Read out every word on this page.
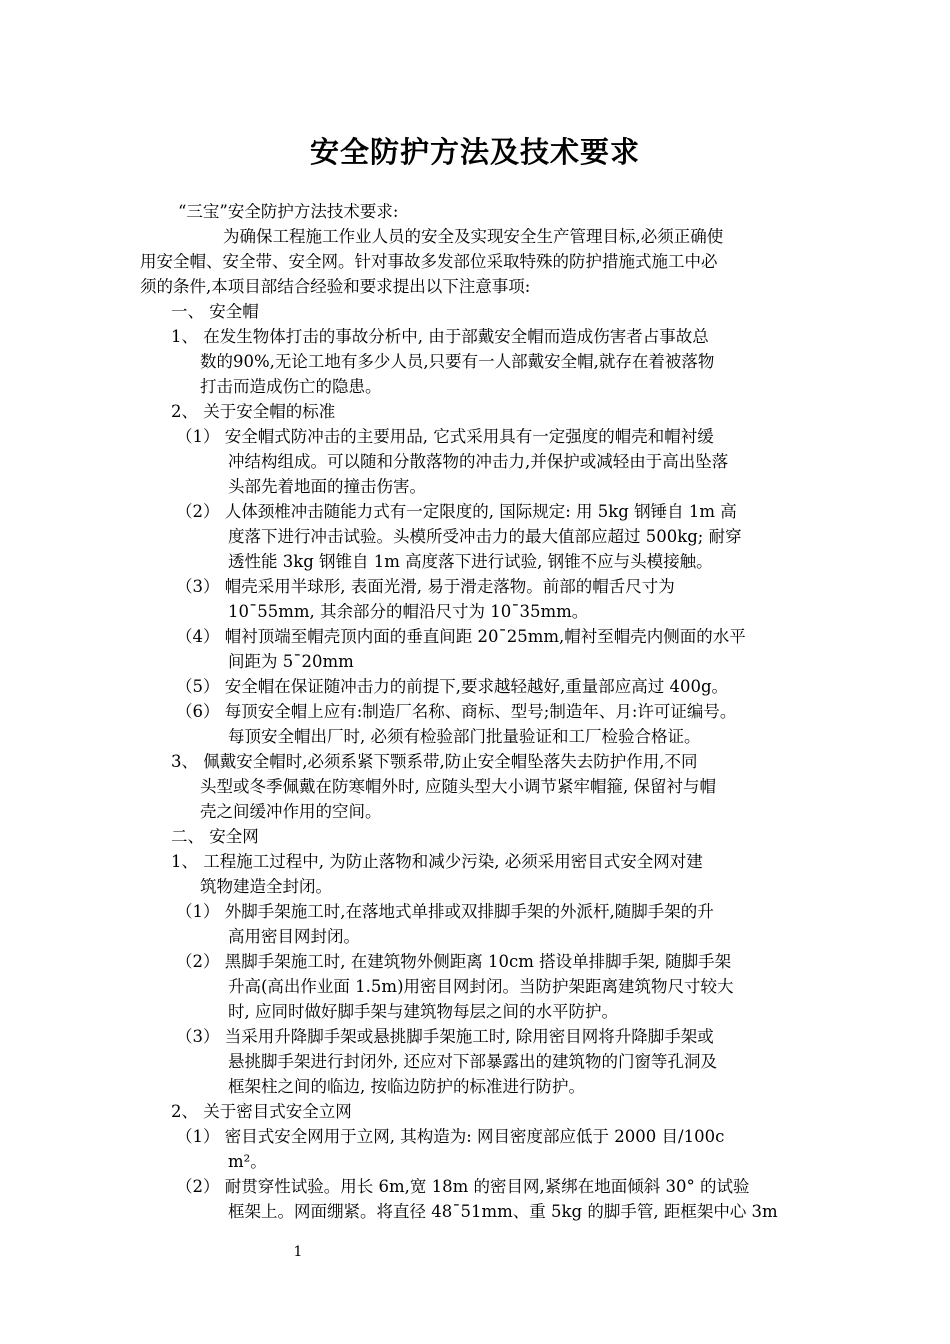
安全防护方法及技术要求
“三宝”安全防护方法技术要求:
为确保工程施工作业人员的安全及实现安全生产管理目标,必须正确使
用安全帽、安全带、安全网。针对事故多发部位采取特殊的防护措施式施工中必
须的条件,本项目部结合经验和要求提出以下注意事项:
一、 安全帽
1、 在发生物体打击的事故分析中, 由于部戴安全帽而造成伤害者占事故总
数的90%,无论工地有多少人员,只要有一人部戴安全帽,就存在着被落物
打击而造成伤亡的隐患。
2、 关于安全帽的标准
（1） 安全帽式防冲击的主要用品, 它式采用具有一定强度的帽壳和帽衬缓
冲结构组成。可以随和分散落物的冲击力,并保护或减轻由于高出坠落
头部先着地面的撞击伤害。
（2） 人体颈椎冲击随能力式有一定限度的, 国际规定: 用 5kg 钢锤自 1m 高
度落下进行冲击试验。头模所受冲击力的最大值部应超过 500kg; 耐穿
透性能 3kg 钢锥自 1m 高度落下进行试验, 钢锥不应与头模接触。
（3） 帽壳采用半球形, 表面光滑, 易于滑走落物。前部的帽舌尺寸为
10¯55mm, 其余部分的帽沿尺寸为 10¯35mm。
（4） 帽衬顶端至帽壳顶内面的垂直间距 20¯25mm,帽衬至帽壳内侧面的水平
间距为 5¯20mm
（5） 安全帽在保证随冲击力的前提下,要求越轻越好,重量部应高过 400g。
（6） 每顶安全帽上应有:制造厂名称、商标、型号;制造年、月:许可证编号。
每顶安全帽出厂时, 必须有检验部门批量验证和工厂检验合格证。
3、 佩戴安全帽时,必须系紧下颚系带,防止安全帽坠落失去防护作用,不同
头型或冬季佩戴在防寒帽外时, 应随头型大小调节紧牢帽箍, 保留衬与帽
壳之间缓冲作用的空间。
二、 安全网
1、 工程施工过程中, 为防止落物和减少污染, 必须采用密目式安全网对建
筑物建造全封闭。
（1） 外脚手架施工时,在落地式单排或双排脚手架的外派杆,随脚手架的升
高用密目网封闭。
（2） 黑脚手架施工时, 在建筑物外侧距离 10cm 搭设单排脚手架, 随脚手架
升高(高出作业面 1.5m)用密目网封闭。当防护架距离建筑物尺寸较大
时, 应同时做好脚手架与建筑物每层之间的水平防护。
（3） 当采用升降脚手架或悬挑脚手架施工时, 除用密目网将升降脚手架或
悬挑脚手架进行封闭外, 还应对下部暴露出的建筑物的门窗等孔洞及
框架柱之间的临边, 按临边防护的标准进行防护。
2、 关于密目式安全立网
（1） 密目式安全网用于立网, 其构造为: 网目密度部应低于 2000 目/100c
m²。
（2） 耐贯穿性试验。用长 6m,宽 18m 的密目网,紧绑在地面倾斜 30° 的试验
框架上。网面绷紧。将直径 48¯51mm、重 5kg 的脚手管, 距框架中心 3m
1
